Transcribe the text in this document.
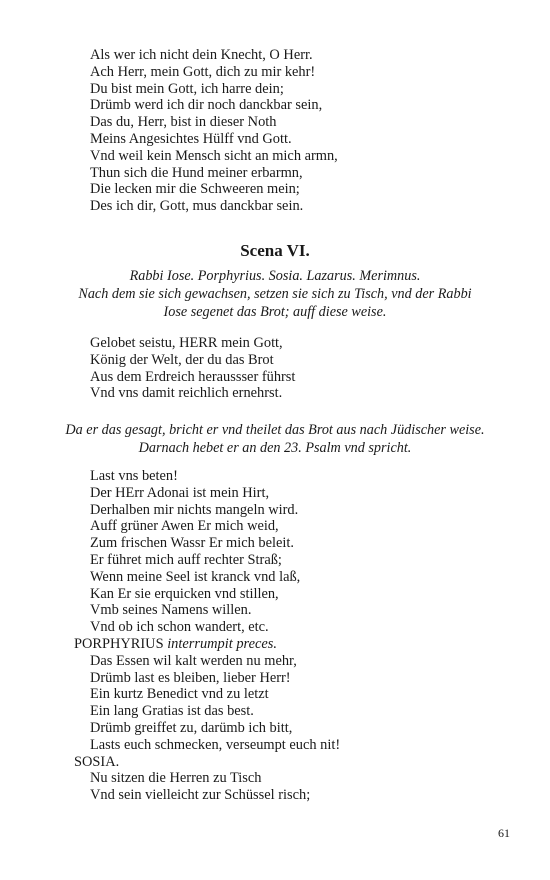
Als wer ich nicht dein Knecht, O Herr.
Ach Herr, mein Gott, dich zu mir kehr!
Du bist mein Gott, ich harre dein;
Drümb werd ich dir noch danckbar sein,
Das du, Herr, bist in dieser Noth
Meins Angesichtes Hülff vnd Gott.
Vnd weil kein Mensch sicht an mich armn,
Thun sich die Hund meiner erbarmn,
Die lecken mir die Schweeren mein;
Des ich dir, Gott, mus danckbar sein.
Scena VI.
Rabbi Iose. Porphyrius. Sosia. Lazarus. Merimnus.
Nach dem sie sich gewachsen, setzen sie sich zu Tisch, vnd der Rabbi
Iose segenet das Brot; auff diese weise.
Gelobet seistu, HERR mein Gott,
König der Welt, der du das Brot
Aus dem Erdreich heraussser führst
Vnd vns damit reichlich ernehrst.
Da er das gesagt, bricht er vnd theilet das Brot aus nach Jüdischer weise.
Darnach hebet er an den 23. Psalm vnd spricht.
Last vns beten!
Der HErr Adonai ist mein Hirt,
Derhalben mir nichts mangeln wird.
Auff grüner Awen Er mich weid,
Zum frischen Wassr Er mich beleit.
Er führet mich auff rechter Straß;
Wenn meine Seel ist kranck vnd laß,
Kan Er sie erquicken vnd stillen,
Vmb seines Namens willen.
Vnd ob ich schon wandert, etc.
PORPHYRIUS interrumpit preces.
Das Essen wil kalt werden nu mehr,
Drümb last es bleiben, lieber Herr!
Ein kurtz Benedict vnd zu letzt
Ein lang Gratias ist das best.
Drümb greiffet zu, darümb ich bitt,
Lasts euch schmecken, verseumpt euch nit!
SOSIA.
Nu sitzen die Herren zu Tisch
Vnd sein vielleicht zur Schüssel risch;
61
